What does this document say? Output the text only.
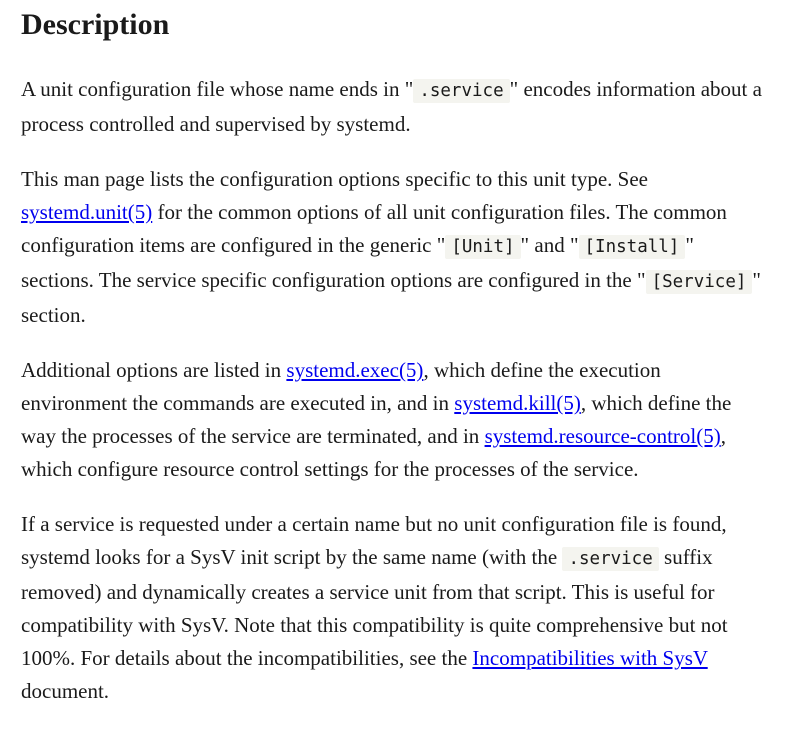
Description

A unit configuration file whose name ends in " .service " encodes information about a process controlled and supervised by systemd.

This man page lists the configuration options specific to this unit type. See systemd.unit(5) for the common options of all unit configuration files. The common configuration items are configured in the generic " [Unit] " and " [Install] " sections. The service specific configuration options are configured in the " [Service] " section.

Additional options are listed in systemd.exec(5), which define the execution environment the commands are executed in, and in systemd.kill(5), which define the way the processes of the service are terminated, and in systemd.resource-control(5), which configure resource control settings for the processes of the service.

If a service is requested under a certain name but no unit configuration file is found, systemd looks for a SysV init script by the same name (with the .service suffix removed) and dynamically creates a service unit from that script. This is useful for compatibility with SysV. Note that this compatibility is quite comprehensive but not 100%. For details about the incompatibilities, see the Incompatibilities with SysV document.
